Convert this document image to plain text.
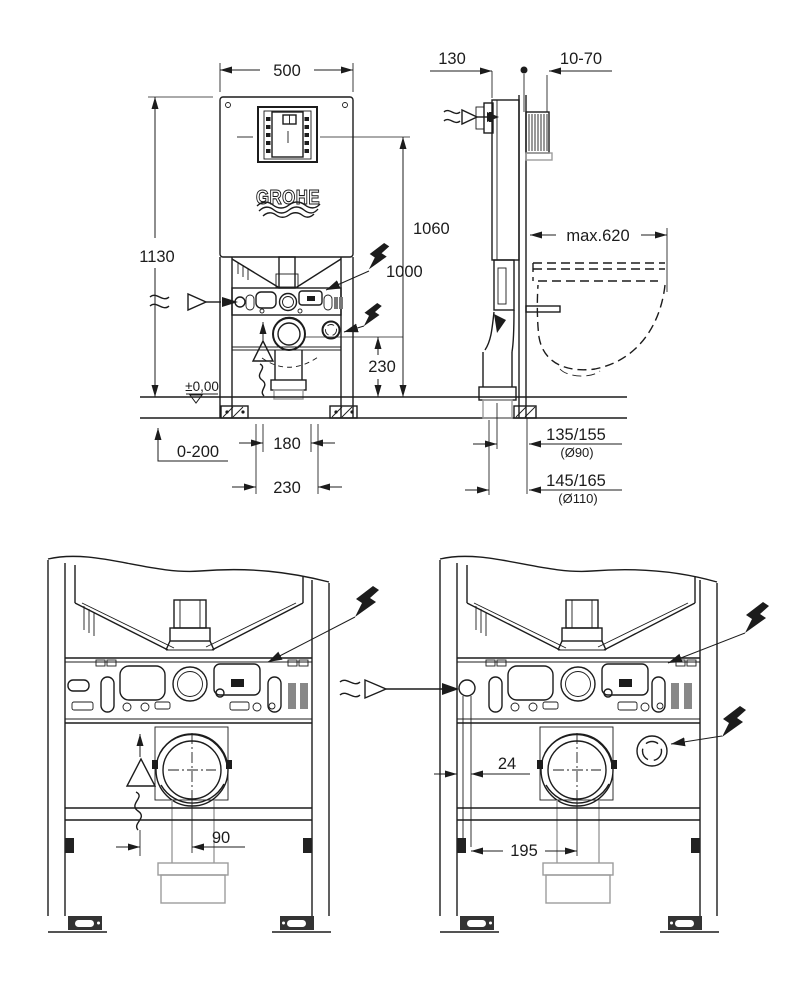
GROHE
500
1130
1060
1000
230
180
230
0-200
±0,00
130	10-70
max.620
135/155
(Ø90)
145/165
(Ø110)
90
24
195
